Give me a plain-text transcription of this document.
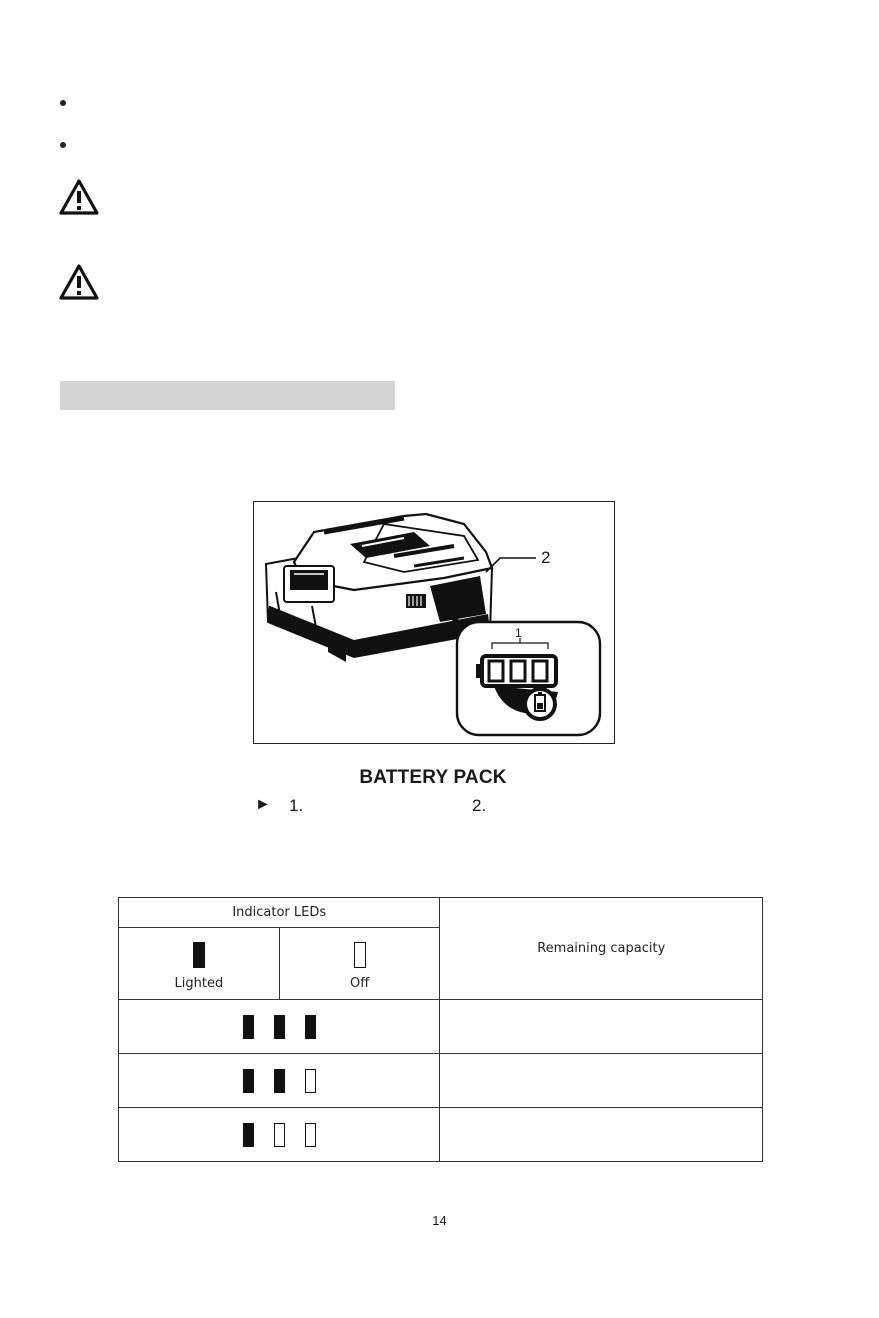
2
1
BATTERY PACK
► 1.	2.
Indicator LEDs		Remaining capacity

Lighted	Off	

14
